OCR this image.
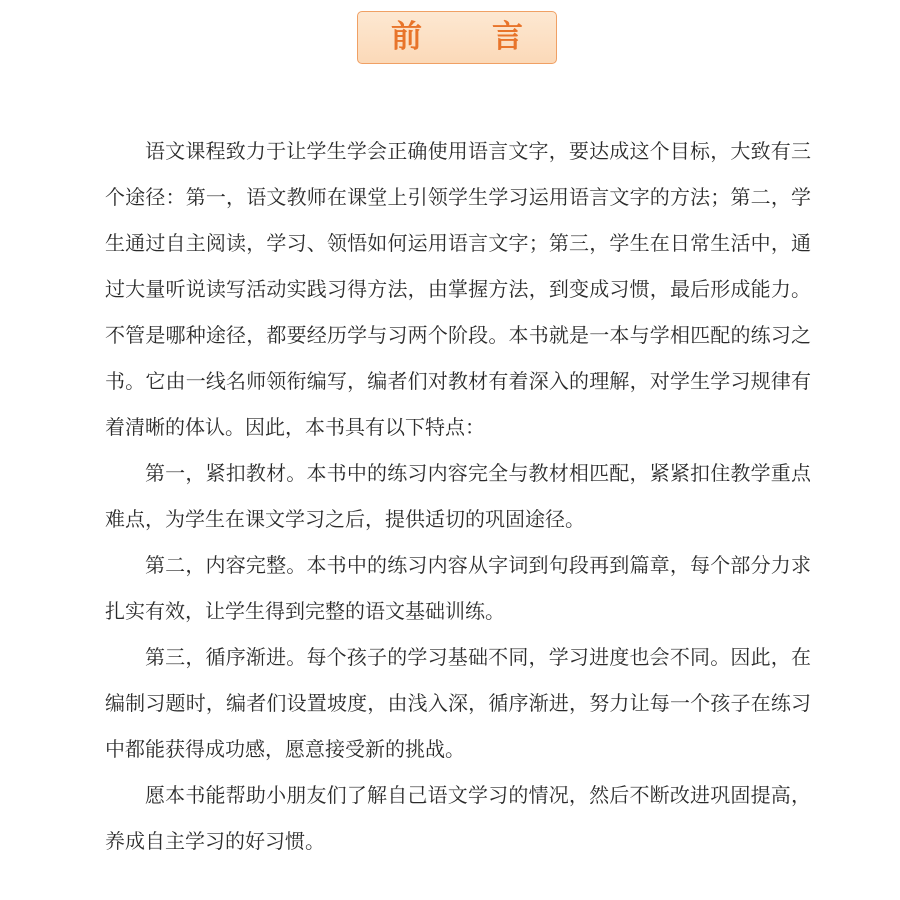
前言

语文课程致力于让学生学会正确使用语言文字，要达成这个目标，大致有三个途径：第一，语文教师在课堂上引领学生学习运用语言文字的方法；第二，学生通过自主阅读，学习、领悟如何运用语言文字；第三，学生在日常生活中，通过大量听说读写活动实践习得方法，由掌握方法，到变成习惯，最后形成能力。不管是哪种途径，都要经历学与习两个阶段。本书就是一本与学相匹配的练习之书。它由一线名师领衔编写，编者们对教材有着深入的理解，对学生学习规律有着清晰的体认。因此，本书具有以下特点：

第一，紧扣教材。本书中的练习内容完全与教材相匹配，紧紧扣住教学重点难点，为学生在课文学习之后，提供适切的巩固途径。

第二，内容完整。本书中的练习内容从字词到句段再到篇章，每个部分力求扎实有效，让学生得到完整的语文基础训练。

第三，循序渐进。每个孩子的学习基础不同，学习进度也会不同。因此，在编制习题时，编者们设置坡度，由浅入深，循序渐进，努力让每一个孩子在练习中都能获得成功感，愿意接受新的挑战。

愿本书能帮助小朋友们了解自己语文学习的情况，然后不断改进巩固提高，养成自主学习的好习惯。
